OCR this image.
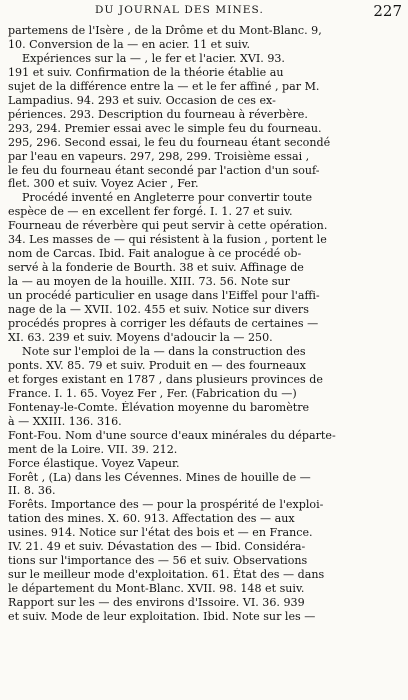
DU JOURNAL DES MINES.	227
partemens de l'Isère , de la Drôme et du Mont-Blanc. 9,
10. Conversion de la — en acier. 11 et suiv.
Expériences sur la — , le fer et l'acier. XVI. 93.
191 et suiv. Confirmation de la théorie établie au
sujet de la différence entre la — et le fer affiné , par M.
Lampadius. 94. 293 et suiv. Occasion de ces ex-
périences. 293. Description du fourneau à réverbère.
293, 294. Premier essai avec le simple feu du fourneau.
295, 296. Second essai, le feu du fourneau étant secondé
par l'eau en vapeurs. 297, 298, 299. Troisième essai ,
le feu du fourneau étant secondé par l'action d'un souf-
flet. 300 et suiv. Voyez Acier , Fer.
Procédé inventé en Angleterre pour convertir toute
espèce de — en excellent fer forgé. I. 1. 27 et suiv.
Fourneau de réverbère qui peut servir à cette opération.
34. Les masses de — qui résistent à la fusion , portent le
nom de Carcas. Ibid. Fait analogue à ce procédé ob-
servé à la fonderie de Bourth. 38 et suiv. Affinage de
la — au moyen de la houille. XIII. 73. 56. Note sur
un procédé particulier en usage dans l'Eiffel pour l'affi-
nage de la — XVII. 102. 455 et suiv. Notice sur divers
procédés propres à corriger les défauts de certaines —
XI. 63. 239 et suiv. Moyens d'adoucir la — 250.
Note sur l'emploi de la — dans la construction des
ponts. XV. 85. 79 et suiv. Produit en — des fourneaux
et forges existant en 1787 , dans plusieurs provinces de
France. I. 1. 65. Voyez Fer , Fer. (Fabrication du —)
Fontenay-le-Comte. Élévation moyenne du baromètre
à — XXIII. 136. 316.
Font-Fou. Nom d'une source d'eaux minérales du départe-
ment de la Loire. VII. 39. 212.
Force élastique. Voyez Vapeur.
Forêt , (La) dans les Cévennes. Mines de houille de —
II. 8. 36.
Forêts. Importance des — pour la prospérité de l'exploi-
tation des mines. X. 60. 913. Affectation des — aux
usines. 914. Notice sur l'état des bois et — en France.
IV. 21. 49 et suiv. Dévastation des — Ibid. Considéra-
tions sur l'importance des — 56 et suiv. Observations
sur le meilleur mode d'exploitation. 61. État des — dans
le département du Mont-Blanc. XVII. 98. 148 et suiv.
Rapport sur les — des environs d'Issoire. VI. 36. 939
et suiv. Mode de leur exploitation. Ibid. Note sur les —
